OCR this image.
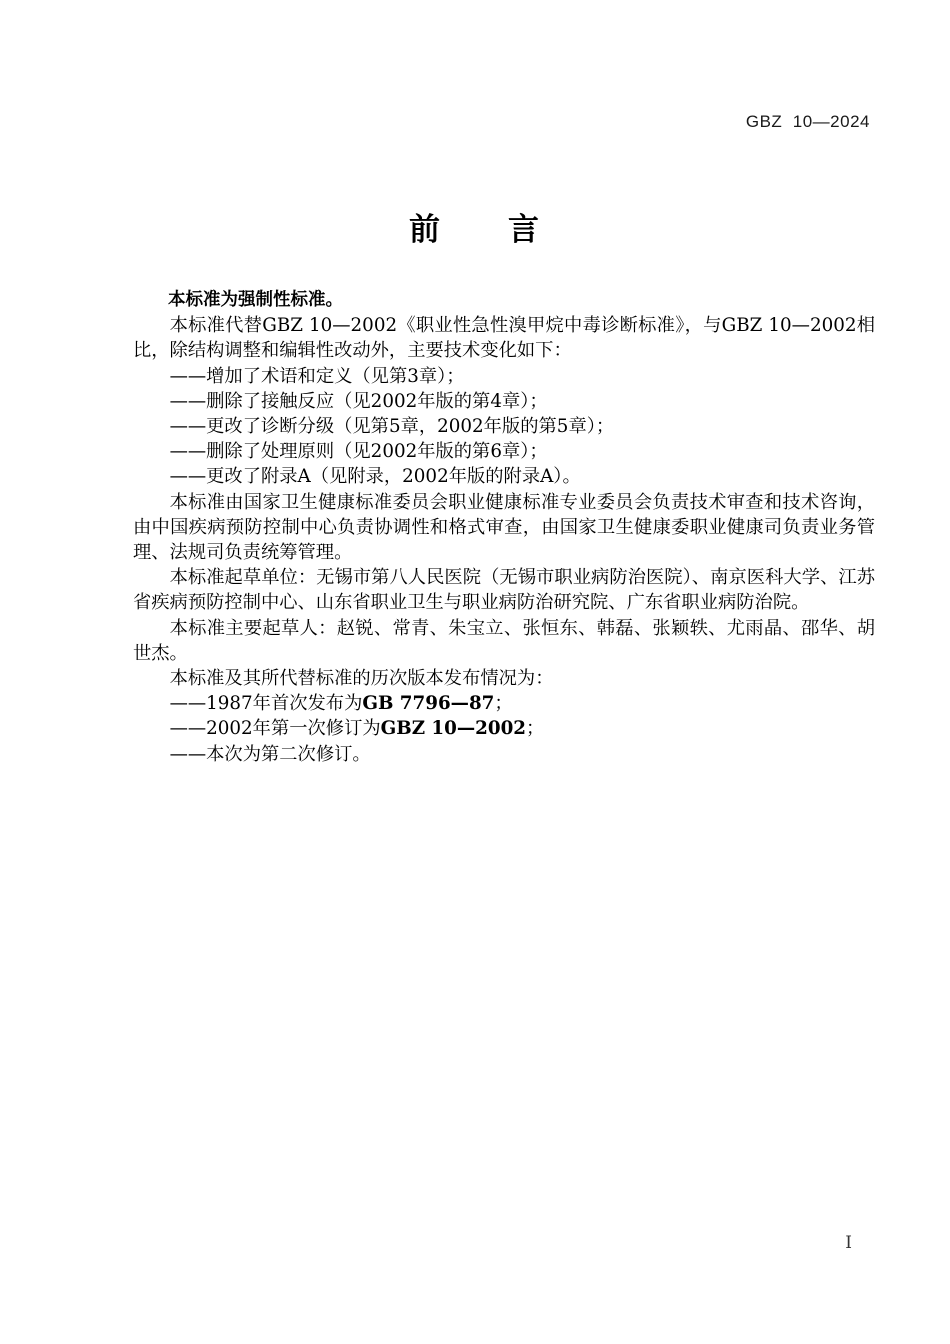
GBZ  10—2024
前　　言

本标准为强制性标准。

本标准代替GBZ 10—2002《职业性急性溴甲烷中毒诊断标准》，与GBZ 10—2002相比，除结构调整和编辑性改动外，主要技术变化如下：

——增加了术语和定义（见第3章）；

——删除了接触反应（见2002年版的第4章）；

——更改了诊断分级（见第5章，2002年版的第5章）；

——删除了处理原则（见2002年版的第6章）；

——更改了附录A（见附录，2002年版的附录A）。

本标准由国家卫生健康标准委员会职业健康标准专业委员会负责技术审查和技术咨询，由中国疾病预防控制中心负责协调性和格式审查，由国家卫生健康委职业健康司负责业务管理、法规司负责统筹管理。

本标准起草单位：无锡市第八人民医院（无锡市职业病防治医院）、南京医科大学、江苏省疾病预防控制中心、山东省职业卫生与职业病防治研究院、广东省职业病防治院。

本标准主要起草人：赵锐、常青、朱宝立、张恒东、韩磊、张颖轶、尤雨晶、邵华、胡世杰。

本标准及其所代替标准的历次版本发布情况为：

——1987年首次发布为GB 7796—87；

——2002年第一次修订为GBZ 10—2002；

——本次为第二次修订。

I
